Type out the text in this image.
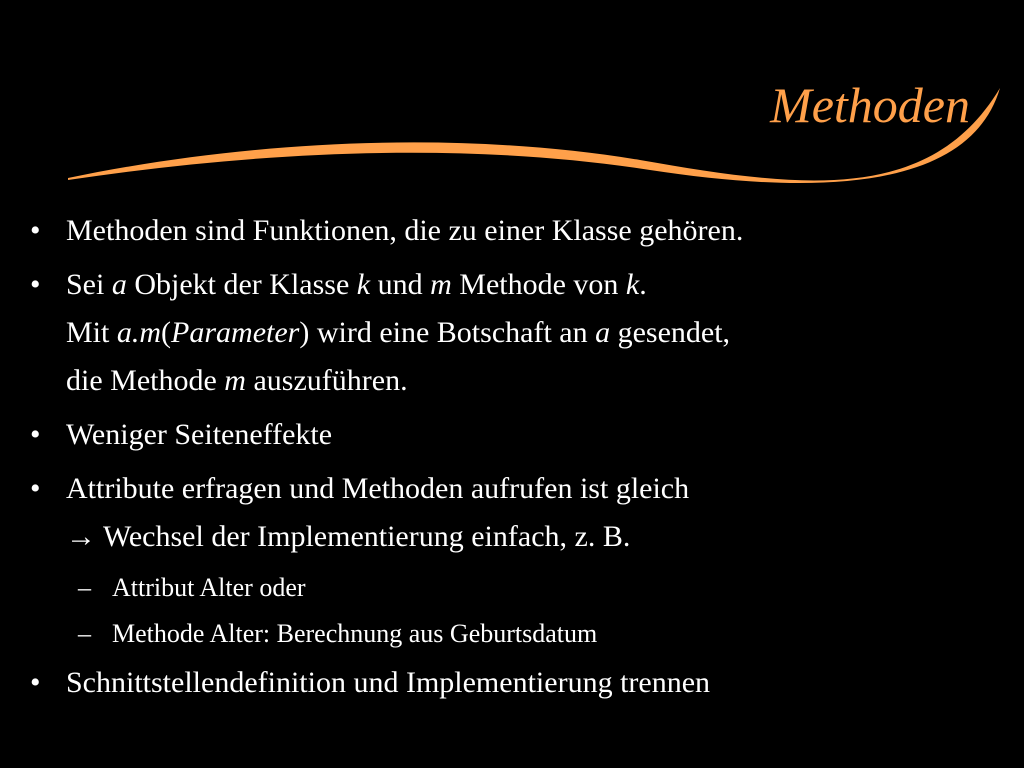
Methoden
• Methoden sind Funktionen, die zu einer Klasse gehören.
• Sei a Objekt der Klasse k und m Methode von k.
Mit a.m(Parameter) wird eine Botschaft an a gesendet,
die Methode m auszuführen.
• Weniger Seiteneffekte
• Attribute erfragen und Methoden aufrufen ist gleich
→ Wechsel der Implementierung einfach, z. B.
– Attribut Alter oder
– Methode Alter: Berechnung aus Geburtsdatum
• Schnittstellendefinition und Implementierung trennen
